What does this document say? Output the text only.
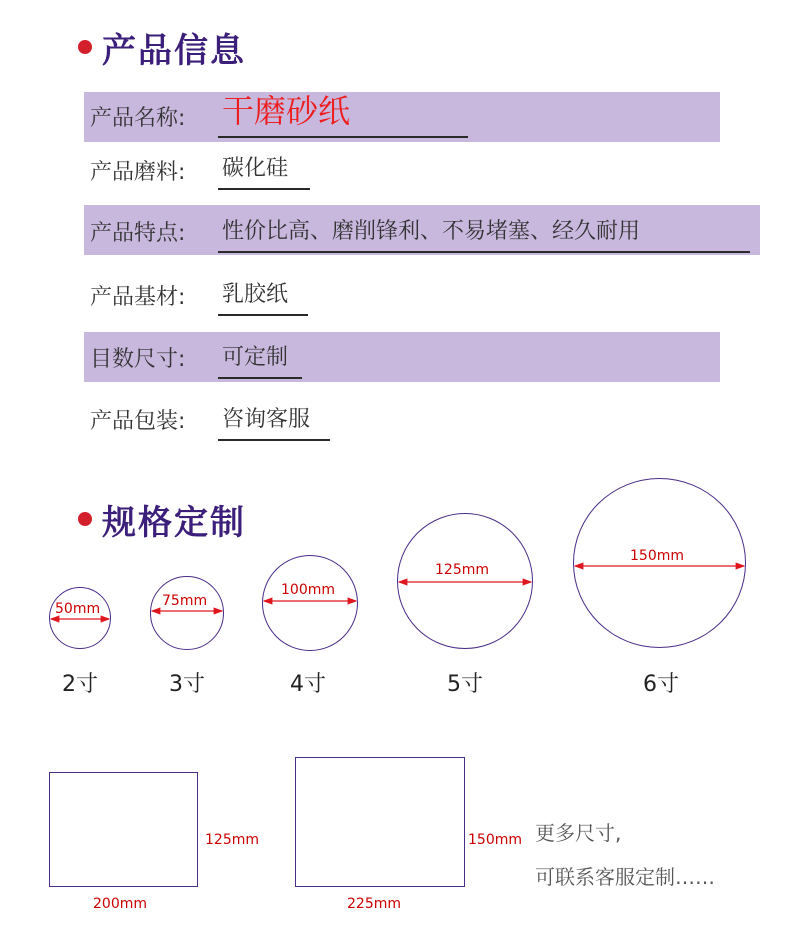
产品信息
产品名称: 干磨砂纸
产品磨料: 碳化硅
产品特点: 性价比高、磨削锋利、不易堵塞、经久耐用
产品基材: 乳胶纸
目数尺寸: 可定制
产品包装: 咨询客服
规格定制
50mm	75mm
100mm
125mm
150mm
2寸	3寸	4寸	5寸	6寸
125mm
200mm
150mm
225mm
更多尺寸,
可联系客服定制……
